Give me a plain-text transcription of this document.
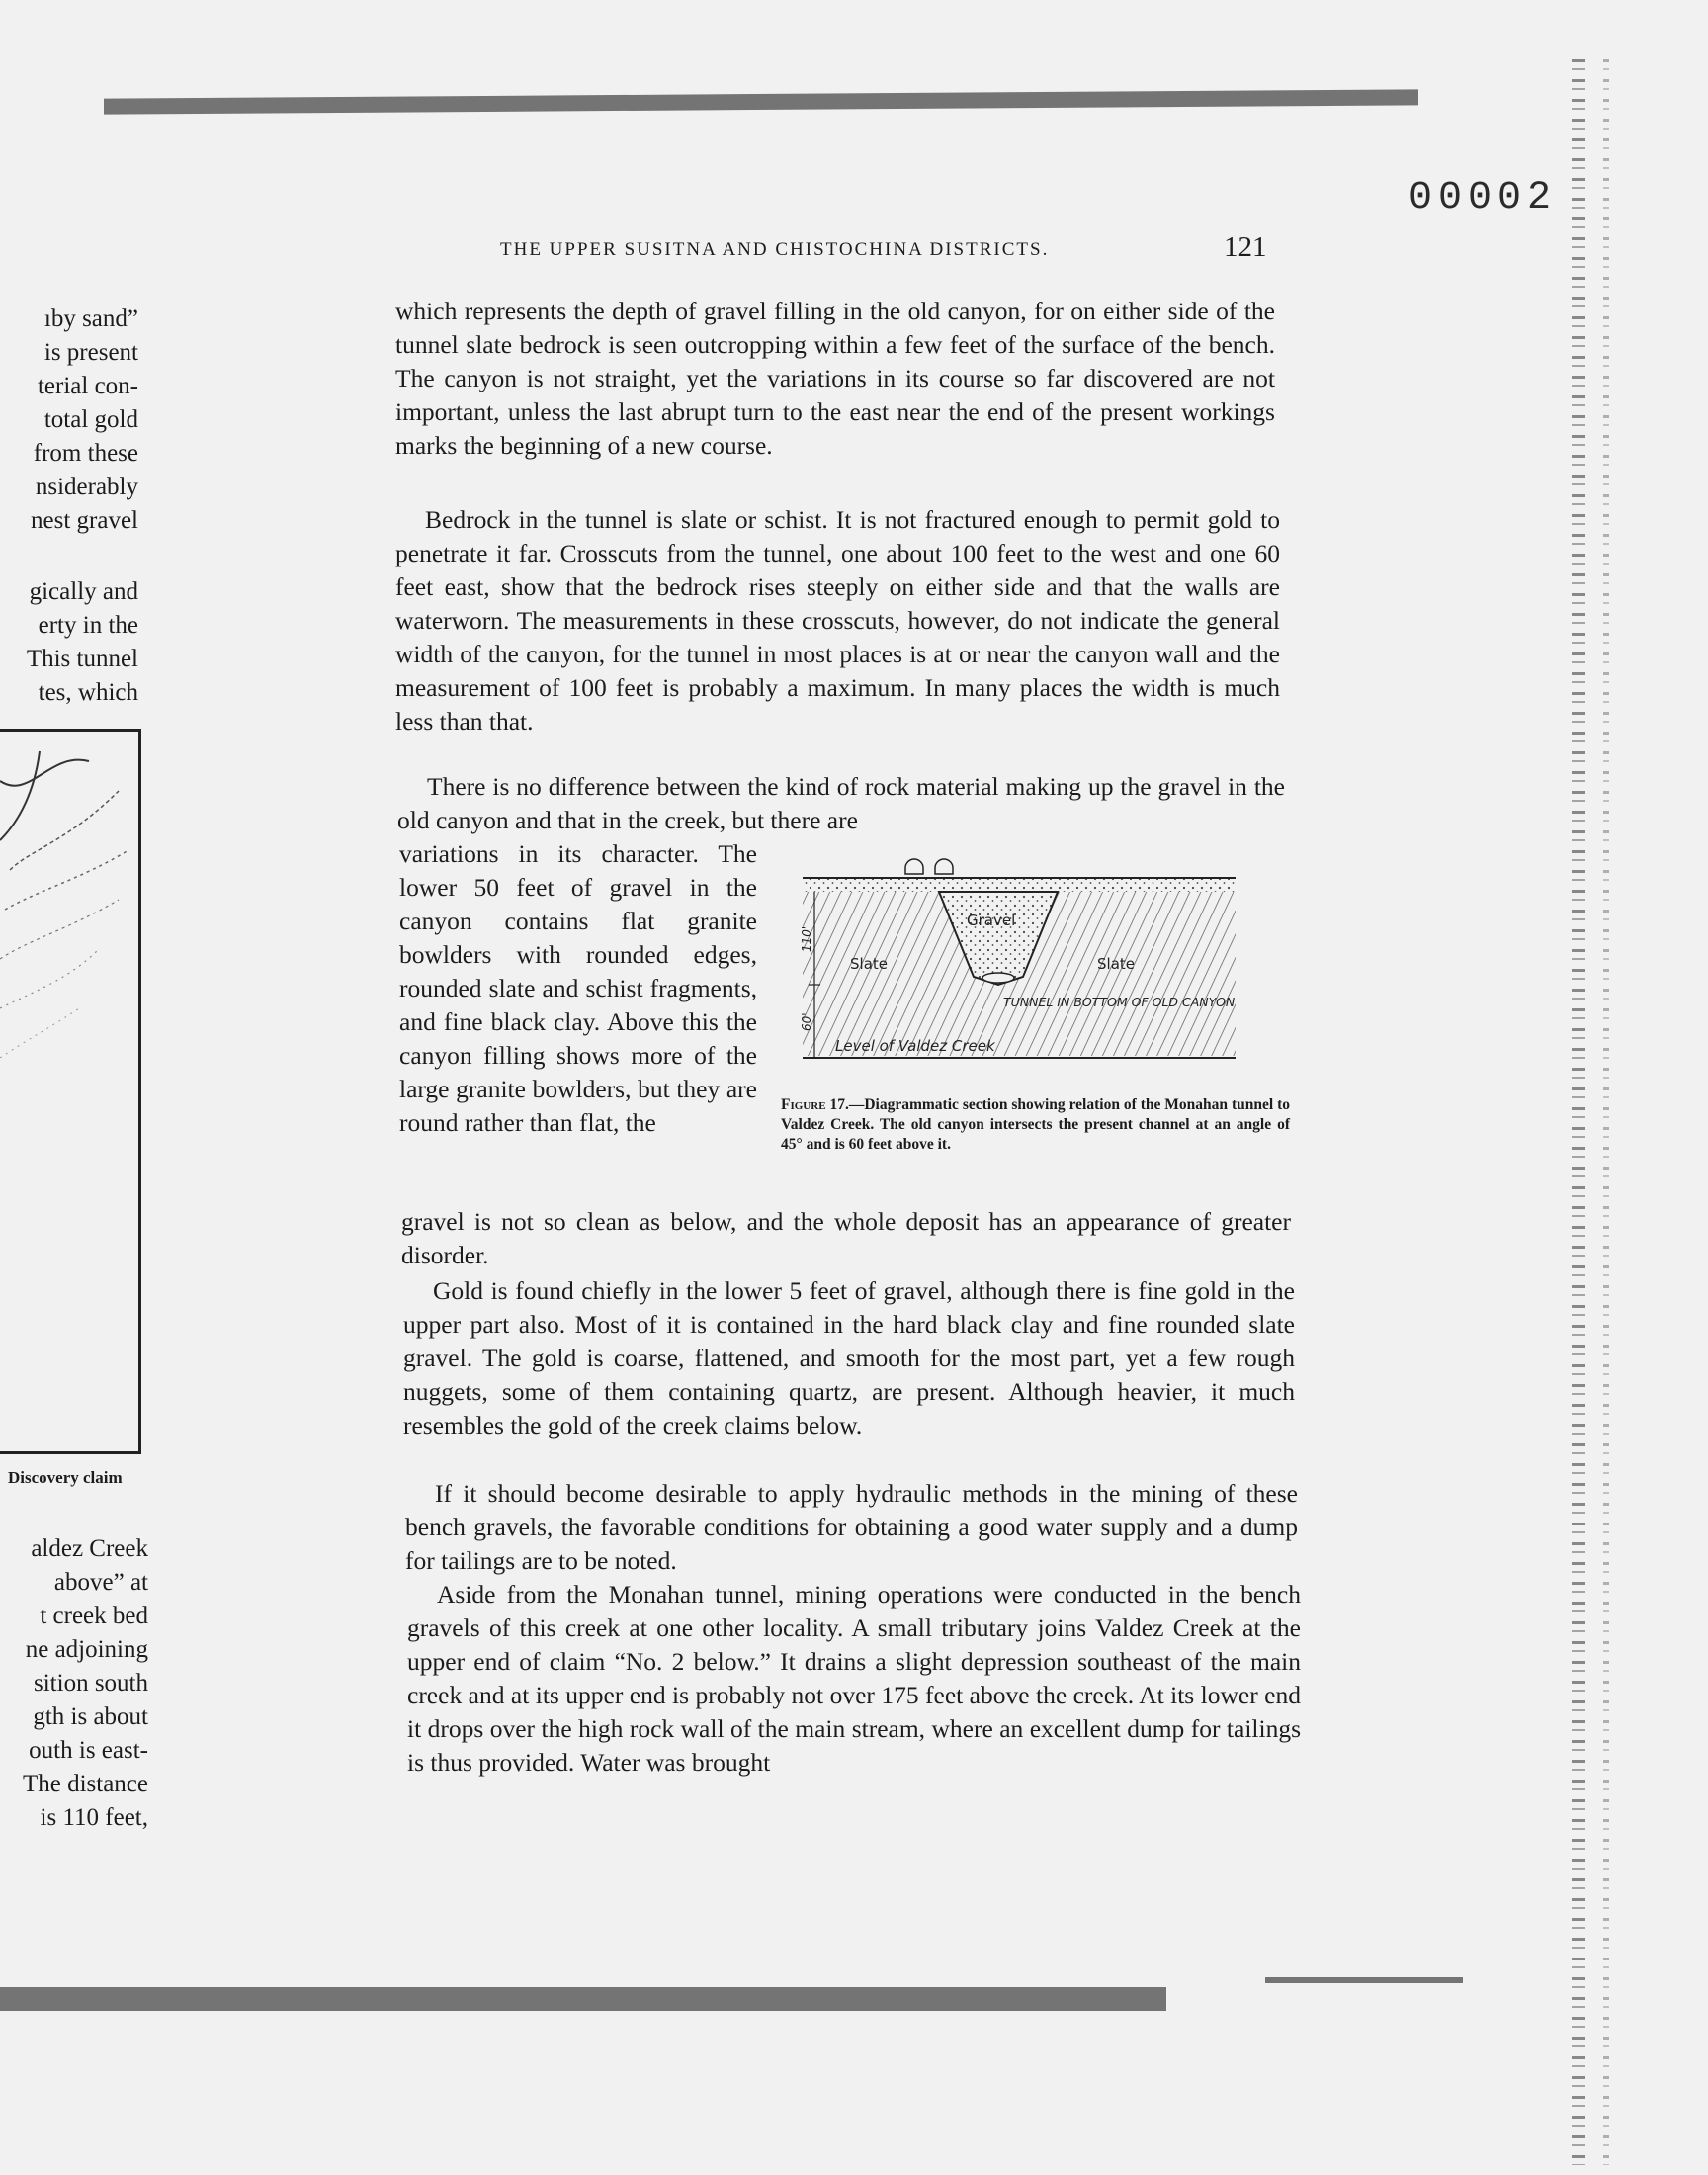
00002
THE UPPER SUSITNA AND CHISTOCHINA DISTRICTS.	121
ıby sand”
is present
terial con-
total gold
from these
nsiderably
nest gravel
gically and
erty in the
This tunnel
tes, which
Discovery claim
aldez Creek
above” at
t creek bed
ne adjoining
sition south
gth is about
outh is east-
The distance
is 110 feet,

which represents the depth of gravel filling in the old canyon, for on either side of the tunnel slate bedrock is seen outcropping within a few feet of the surface of the bench. The canyon is not straight, yet the variations in its course so far discovered are not important, unless the last abrupt turn to the east near the end of the present workings marks the beginning of a new course.

Bedrock in the tunnel is slate or schist. It is not fractured enough to permit gold to penetrate it far. Crosscuts from the tunnel, one about 100 feet to the west and one 60 feet east, show that the bedrock rises steeply on either side and that the walls are waterworn. The measurements in these crosscuts, however, do not indicate the general width of the canyon, for the tunnel in most places is at or near the canyon wall and the measurement of 100 feet is probably a maximum. In many places the width is much less than that.

There is no difference between the kind of rock material making up the gravel in the old canyon and that in the creek, but there are

variations in its character. The lower 50 feet of gravel in the canyon contains flat granite bowlders with rounded edges, rounded slate and schist fragments, and fine black clay. Above this the canyon filling shows more of the large granite bowlders, but they are round rather than flat, the

gravel is not so clean as below, and the whole deposit has an appearance of greater disorder.

Gold is found chiefly in the lower 5 feet of gravel, although there is fine gold in the upper part also. Most of it is contained in the hard black clay and fine rounded slate gravel. The gold is coarse, flattened, and smooth for the most part, yet a few rough nuggets, some of them containing quartz, are present. Although heavier, it much resembles the gold of the creek claims below.

If it should become desirable to apply hydraulic methods in the mining of these bench gravels, the favorable conditions for obtaining a good water supply and a dump for tailings are to be noted.

Aside from the Monahan tunnel, mining operations were conducted in the bench gravels of this creek at one other locality. A small tributary joins Valdez Creek at the upper end of claim “No. 2 below.” It drains a slight depression southeast of the main creek and at its upper end is probably not over 175 feet above the creek. At its lower end it drops over the high rock wall of the main stream, where an excellent dump for tailings is thus provided. Water was brought

Gravel
Slate	Slate
TUNNEL IN BOTTOM OF OLD CANYON
Level of Valdez Creek
110'
60'

Figure 17.—Diagrammatic section showing relation of the Monahan tunnel to Valdez Creek. The old canyon intersects the present channel at an angle of 45° and is 60 feet above it.
